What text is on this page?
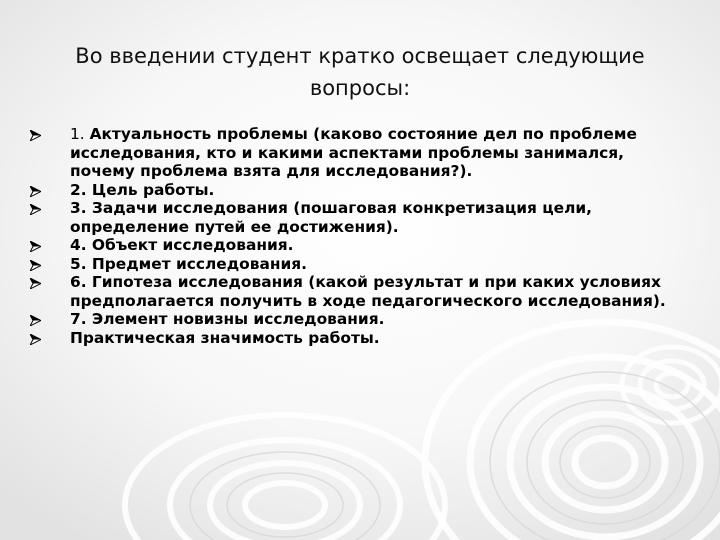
Во введении студент кратко освещает следующие вопросы:
1. Актуальность проблемы (каково состояние дел по проблеме исследования, кто и какими аспектами проблемы занимался, почему проблема взята для исследования?).
2. Цель работы.
3. Задачи исследования (пошаговая конкретизация цели, определение путей ее достижения).
4. Объект исследования.
5. Предмет исследования.
6. Гипотеза исследования (какой результат и при каких условиях предполагается получить в ходе педагогического исследования).
7. Элемент новизны исследования.
Практическая значимость работы.
